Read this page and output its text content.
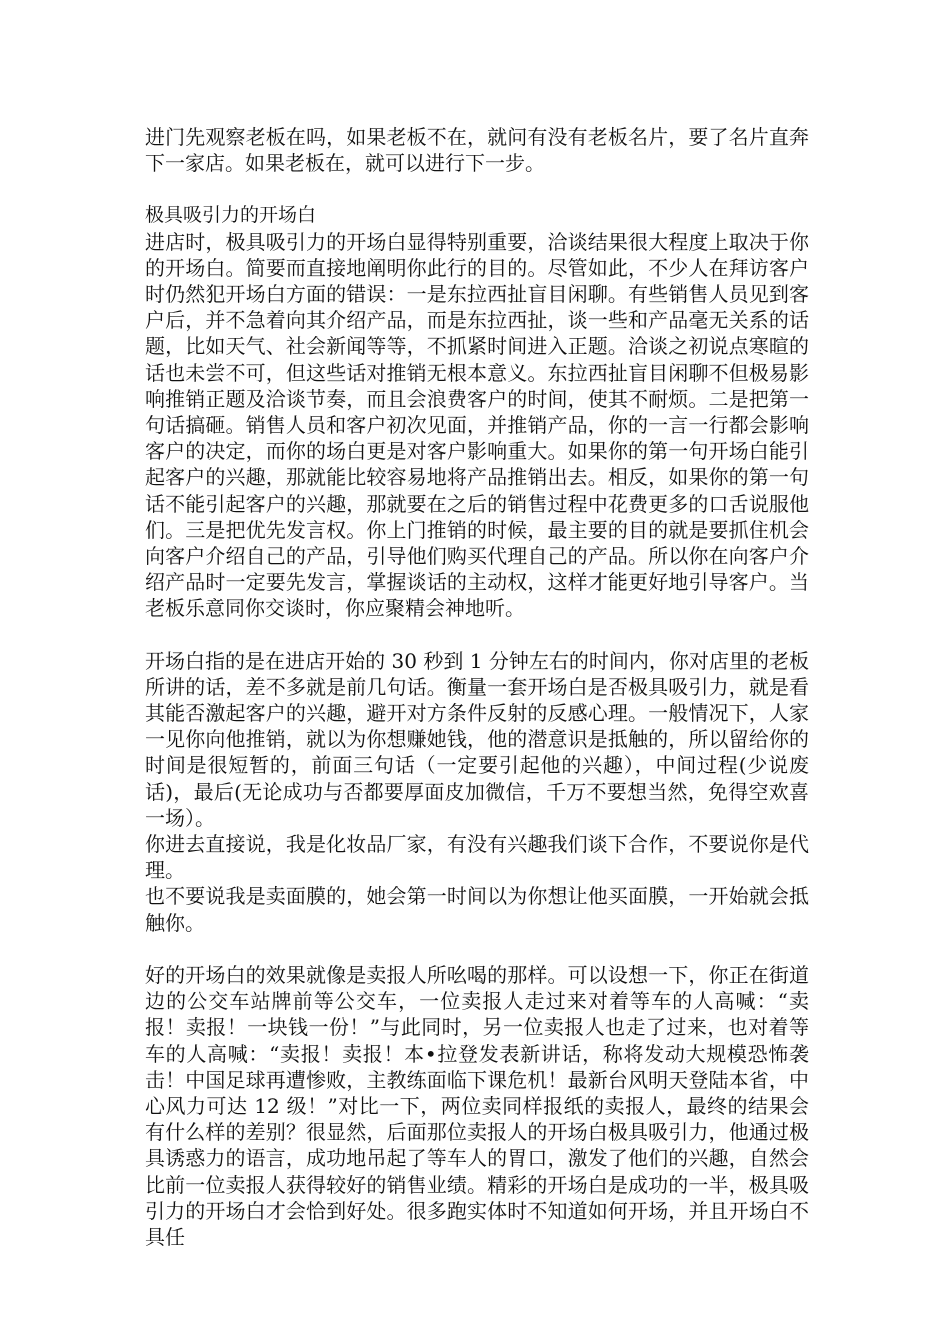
进门先观察老板在吗，如果老板不在，就问有没有老板名片，要了名片直奔下一家店。如果老板在，就可以进行下一步。

极具吸引力的开场白

进店时，极具吸引力的开场白显得特别重要，洽谈结果很大程度上取决于你的开场白。简要而直接地阐明你此行的目的。尽管如此，不少人在拜访客户时仍然犯开场白方面的错误：一是东拉西扯盲目闲聊。有些销售人员见到客户后，并不急着向其介绍产品，而是东拉西扯，谈一些和产品毫无关系的话题，比如天气、社会新闻等等，不抓紧时间进入正题。洽谈之初说点寒暄的话也未尝不可，但这些话对推销无根本意义。东拉西扯盲目闲聊不但极易影响推销正题及洽谈节奏，而且会浪费客户的时间，使其不耐烦。二是把第一句话搞砸。销售人员和客户初次见面，并推销产品，你的一言一行都会影响客户的决定，而你的场白更是对客户影响重大。如果你的第一句开场白能引起客户的兴趣，那就能比较容易地将产品推销出去。相反，如果你的第一句话不能引起客户的兴趣，那就要在之后的销售过程中花费更多的口舌说服他们。三是把优先发言权。你上门推销的时候，最主要的目的就是要抓住机会向客户介绍自己的产品，引导他们购买代理自己的产品。所以你在向客户介绍产品时一定要先发言，掌握谈话的主动权，这样才能更好地引导客户。当老板乐意同你交谈时，你应聚精会神地听。

开场白指的是在进店开始的 30 秒到 1 分钟左右的时间内，你对店里的老板所讲的话，差不多就是前几句话。衡量一套开场白是否极具吸引力，就是看其能否激起客户的兴趣，避开对方条件反射的反感心理。一般情况下，人家一见你向他推销，就以为你想赚她钱，他的潜意识是抵触的，所以留给你的时间是很短暂的，前面三句话（一定要引起他的兴趣），中间过程(少说废话)，最后(无论成功与否都要厚面皮加微信，千万不要想当然，免得空欢喜一场）。

你进去直接说，我是化妆品厂家，有没有兴趣我们谈下合作，不要说你是代理。

也不要说我是卖面膜的，她会第一时间以为你想让他买面膜，一开始就会抵触你。

好的开场白的效果就像是卖报人所吆喝的那样。可以设想一下，你正在街道边的公交车站牌前等公交车，一位卖报人走过来对着等车的人高喊：“卖报！卖报！一块钱一份！”与此同时，另一位卖报人也走了过来，也对着等车的人高喊：“卖报！卖报！本•拉登发表新讲话，称将发动大规模恐怖袭击！中国足球再遭惨败，主教练面临下课危机！最新台风明天登陆本省，中心风力可达 12 级！”对比一下，两位卖同样报纸的卖报人，最终的结果会有什么样的差别？很显然，后面那位卖报人的开场白极具吸引力，他通过极具诱惑力的语言，成功地吊起了等车人的胃口，激发了他们的兴趣，自然会比前一位卖报人获得较好的销售业绩。精彩的开场白是成功的一半，极具吸引力的开场白才会恰到好处。很多跑实体时不知道如何开场，并且开场白不具任
